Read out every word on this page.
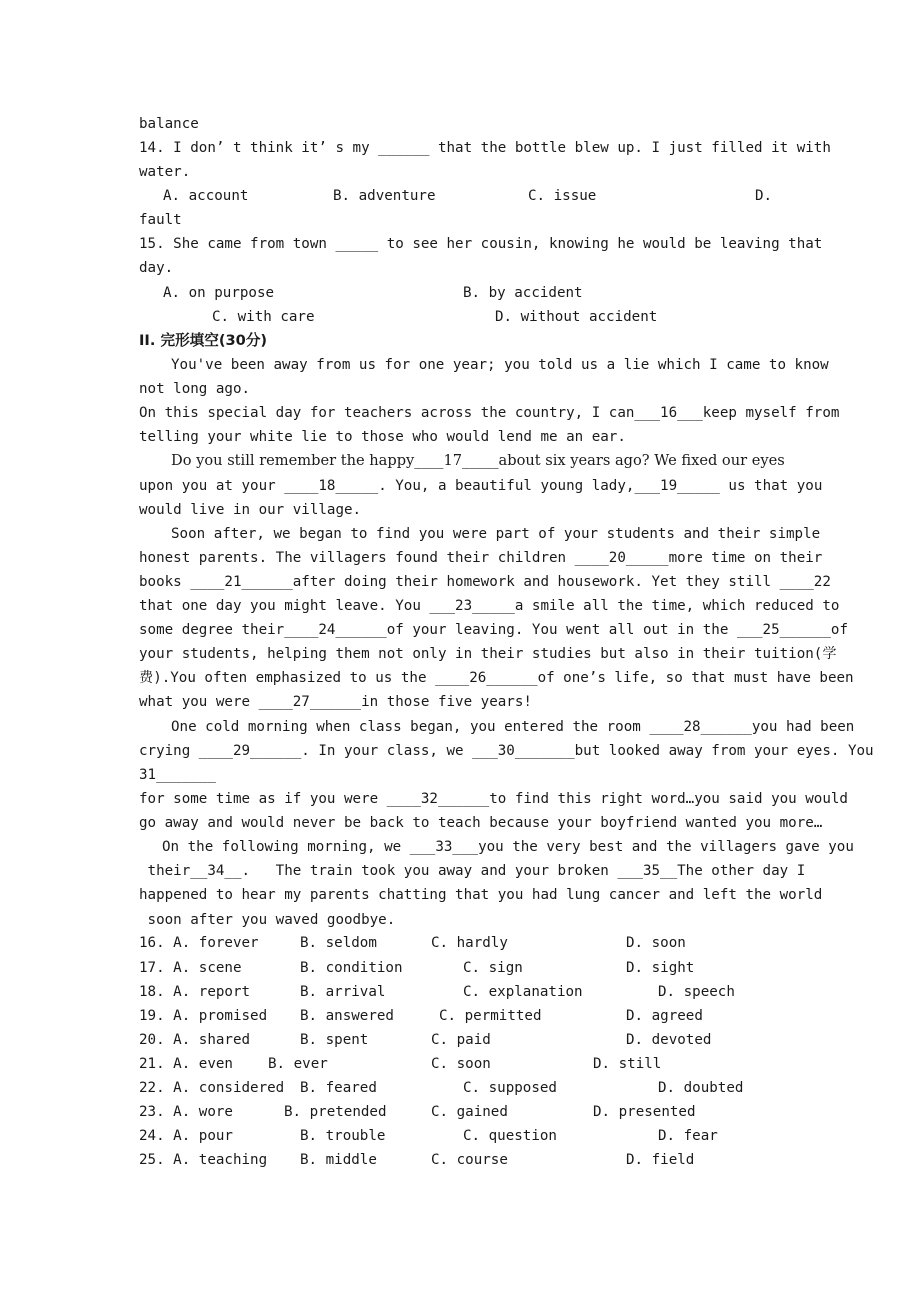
balance
14. I don’ t think it’ s my ______ that the bottle blew up. I just filled it with
water.
A. account	B. adventure	C. issue	D.
fault
15. She came from town _____ to see her cousin, knowing he would be leaving that
day.
A. on purpose	B. by accident
C. with care	D. without accident
II. 完形填空(30分)
You've been away from us for one year; you told us a lie which I came to know
not long ago.
On this special day for teachers across the country, I can___16___keep myself from
telling your white lie to those who would lend me an ear.
Do you still remember the happy____17_____about six years ago? We fixed our eyes
upon you at your ____18_____. You, a beautiful young lady,___19_____ us that you
would live in our village.
Soon after, we began to find you were part of your students and their simple
honest parents. The villagers found their children ____20_____more time on their
books ____21______after doing their homework and housework. Yet they still ____22
that one day you might leave. You ___23_____a smile all the time, which reduced to
some degree their____24______of your leaving. You went all out in the ___25______of
your students, helping them not only in their studies but also in their tuition(学
费).You often emphasized to us the ____26______of one’s life, so that must have been
what you were ____27______in those five years!
One cold morning when class began, you entered the room ____28______you had been
crying ____29______. In your class, we ___30_______but looked away from your eyes. You
31_______
for some time as if you were ____32______to find this right word…you said you would
go away and would never be back to teach because your boyfriend wanted you more…
On the following morning, we ___33___you the very best and the villagers gave you
their__34__.   The train took you away and your broken ___35__The other day I
happened to hear my parents chatting that you had lung cancer and left the world
soon after you waved goodbye.
16. A. forever	B. seldom	C. hardly	D. soon
17. A. scene	B. condition	C. sign	D. sight
18. A. report	B. arrival	C. explanation	D. speech
19. A. promised B. answered	C. permitted	D. agreed
20. A. shared	B. spent	C. paid	D. devoted
21. A. even B. ever	C. soon	D. still
22. A. considered B. feared	C. supposed	D. doubted
23. A. wore	B. pretended	C. gained	D. presented
24. A. pour	B. trouble	C. question	D. fear
25. A. teaching B. middle	C. course	D. field
